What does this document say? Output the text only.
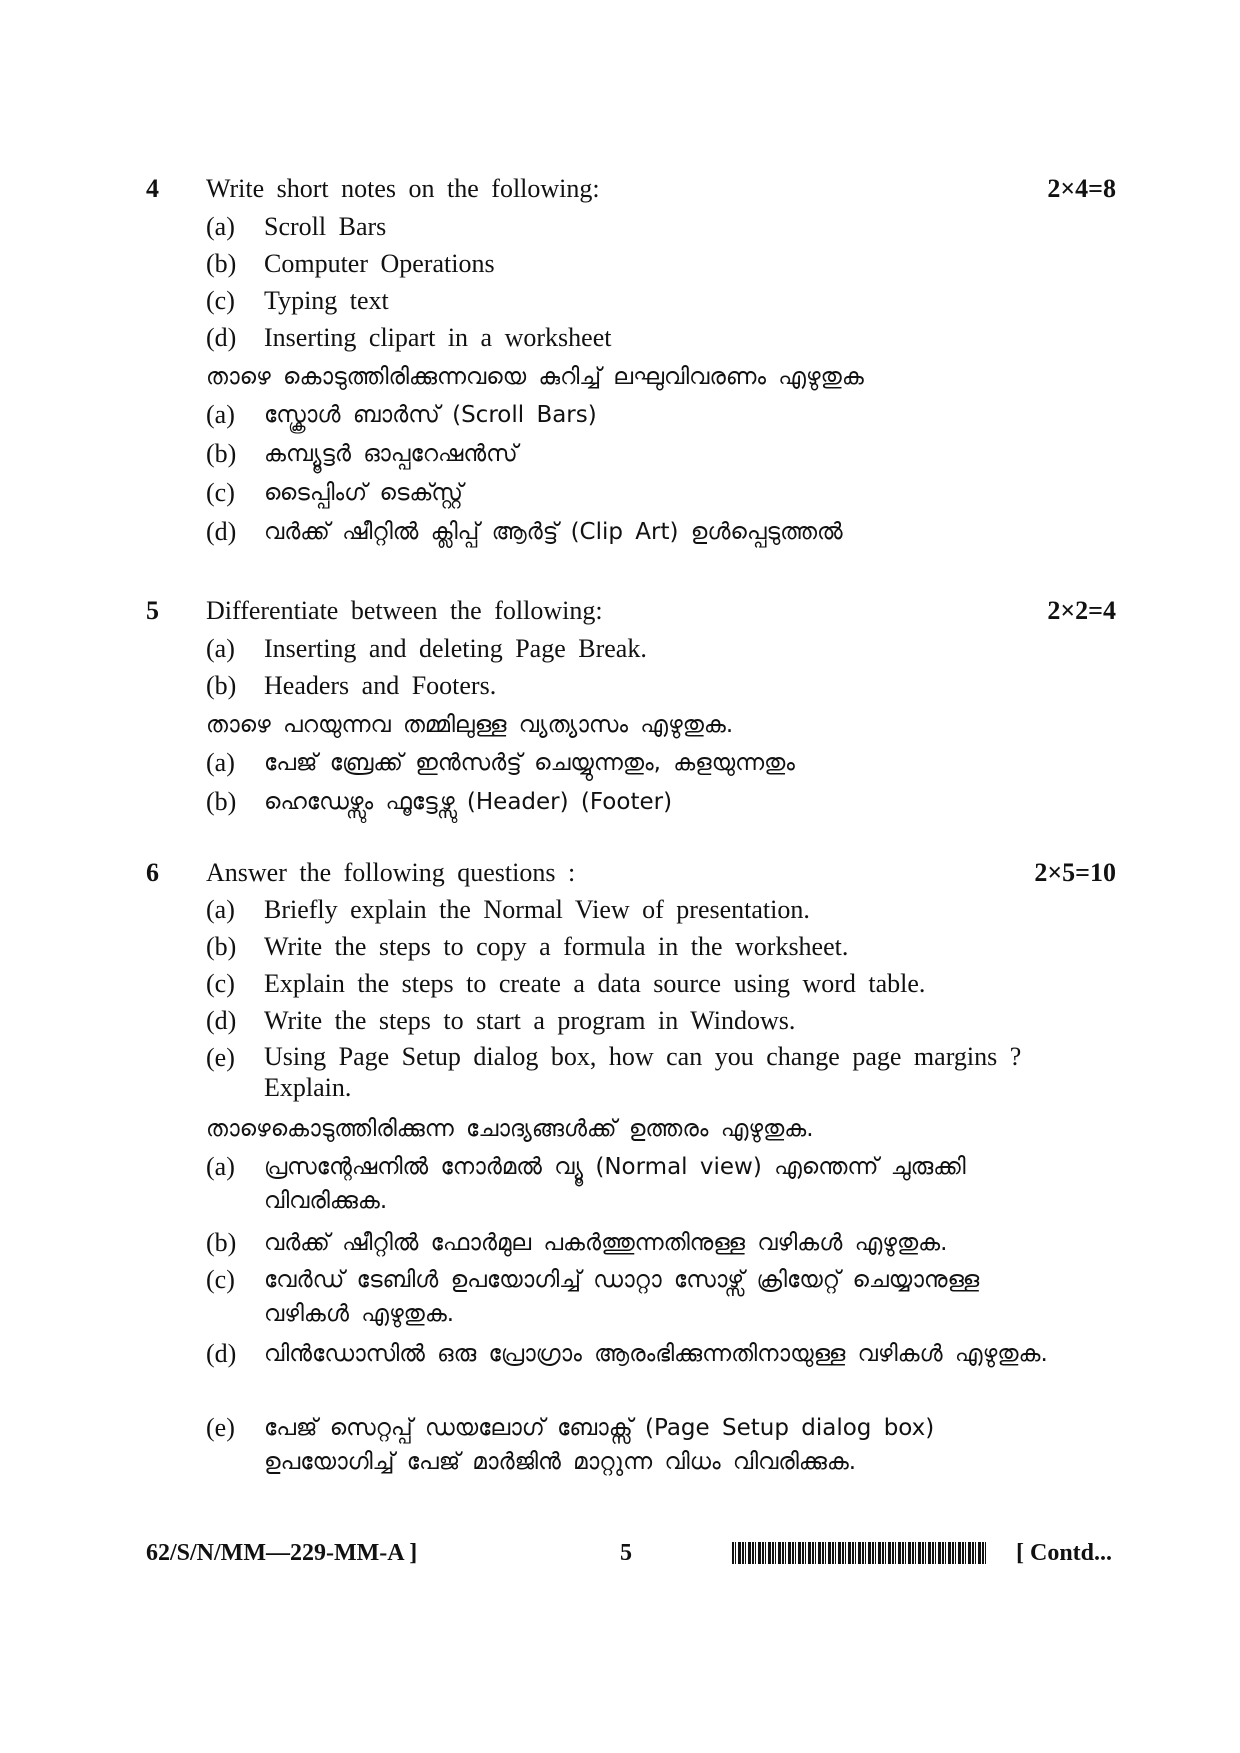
4 Write short notes on the following:	2×4=8
(a) Scroll Bars
(b) Computer Operations
(c) Typing text
(d) Inserting clipart in a worksheet
താഴെ കൊടുത്തിരിക്കുന്നവയെ കുറിച്ച് ലഘുവിവരണം എഴുതുക
(a) സ്ക്രോൾ ബാർസ് (Scroll Bars)
(b) കമ്പ്യൂട്ടർ ഓപ്പറേഷൻസ്
(c) ടൈപ്പിംഗ് ടെക്സ്റ്റ്
(d) വർക്ക് ഷീറ്റിൽ ക്ലിപ്പ് ആർട്ട് (Clip Art) ഉൾപ്പെടുത്തൽ
5 Differentiate between the following:	2×2=4
(a) Inserting and deleting Page Break.
(b) Headers and Footers.
താഴെ പറയുന്നവ തമ്മിലുള്ള വ്യത്യാസം എഴുതുക.
(a) പേജ് ബ്രേക്ക് ഇൻസർട്ട് ചെയ്യുന്നതും, കളയുന്നതും
(b) ഹെഡേഴ്സും ഫൂട്ടേഴ്സു (Header) (Footer)
6 Answer the following questions :	2×5=10
(a) Briefly explain the Normal View of presentation.
(b) Write the steps to copy a formula in the worksheet.
(c) Explain the steps to create a data source using word table.
(d) Write the steps to start a program in Windows.
(e) Using Page Setup dialog box, how can you change page margins ? Explain.
താഴെകൊടുത്തിരിക്കുന്ന ചോദ്യങ്ങൾക്ക് ഉത്തരം എഴുതുക.
(a) പ്രസന്റേഷനിൽ നോർമൽ വ്യൂ (Normal view) എന്തെന്ന് ചുരുക്കി വിവരിക്കുക.
(b) വർക്ക് ഷീറ്റിൽ ഫോർമുല പകർത്തുന്നതിനുള്ള വഴികൾ എഴുതുക.
(c) വേർഡ് ടേബിൾ ഉപയോഗിച്ച് ഡാറ്റാ സോഴ്സ് ക്രിയേറ്റ് ചെയ്യാനുള്ള വഴികൾ എഴുതുക.
(d) വിൻഡോസിൽ ഒരു പ്രോഗ്രാം ആരംഭിക്കുന്നതിനായുള്ള വഴികൾ എഴുതുക.
(e) പേജ് സെറ്റപ്പ് ഡയലോഗ് ബോക്സ് (Page Setup dialog box) ഉപയോഗിച്ച് പേജ് മാർജിൻ മാറ്റുന്ന വിധം വിവരിക്കുക.
62/S/N/MM—229-MM-A ]	5	[ Contd...
